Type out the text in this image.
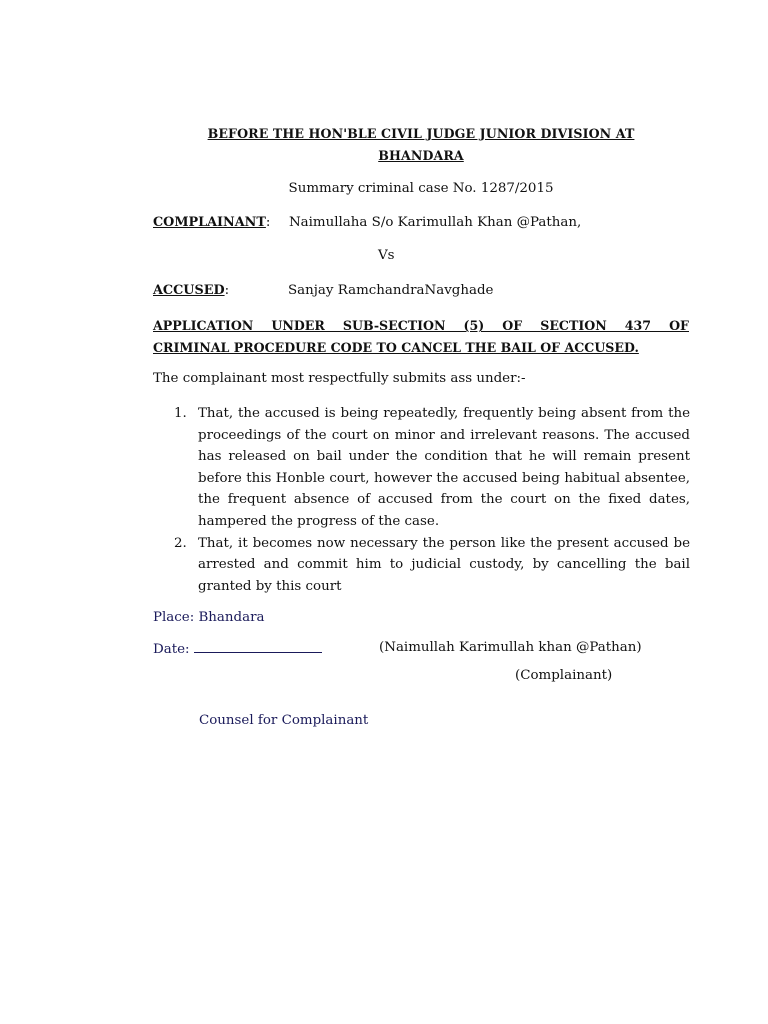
BEFORE THE HON'BLE CIVIL JUDGE JUNIOR DIVISION AT
BHANDARA
Summary criminal case No. 1287/2015
COMPLAINANT: Naimullaha S/o Karimullah Khan @Pathan,
Vs
ACCUSED:	Sanjay RamchandraNavghade
APPLICATION UNDER SUB-SECTION (5) OF SECTION 437 OF
CRIMINAL PROCEDURE CODE TO CANCEL THE BAIL OF ACCUSED.
The complainant most respectfully submits ass under:-
1. That, the accused is being repeatedly, frequently being absent from the proceedings of the court on minor and irrelevant reasons. The accused has released on bail under the condition that he will remain present before this Honble court, however the accused being habitual absentee, the frequent absence of accused from the court on the fixed dates, hampered the progress of the case.
2. That, it becomes now necessary the person like the present accused be arrested and commit him to judicial custody, by cancelling the bail granted by this court
Place: Bhandara
Date:	(Naimullah Karimullah khan @Pathan)
(Complainant)
Counsel for Complainant
